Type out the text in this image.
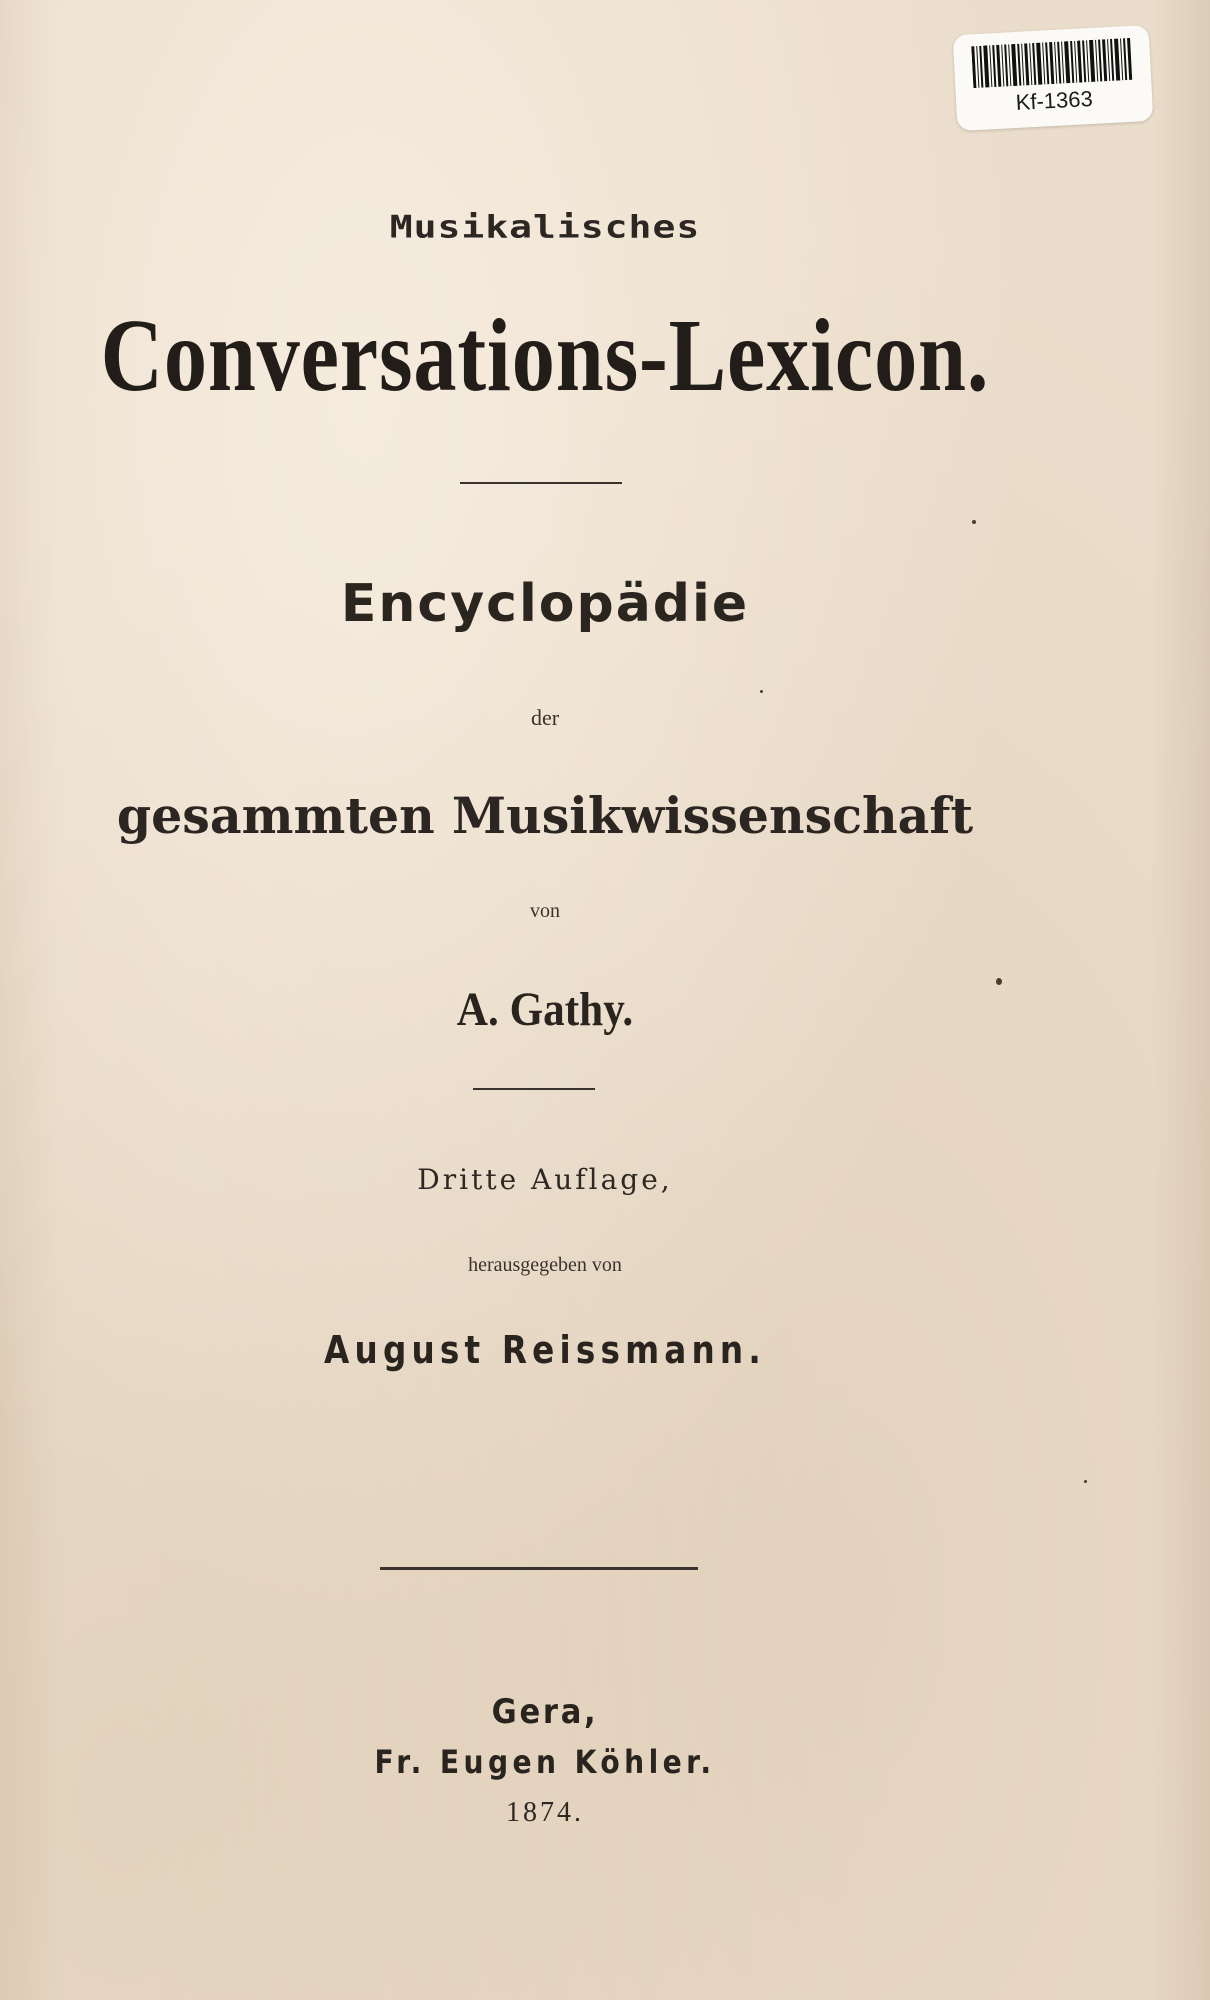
Kf-1363
Musikalisches
Conversations-Lexicon.
Encyclopädie
der
gesammten Musikwissenschaft
von
A. Gathy.
Dritte Auflage,
herausgegeben von
August Reissmann.
Gera,
Fr. Eugen Köhler.
1874.
